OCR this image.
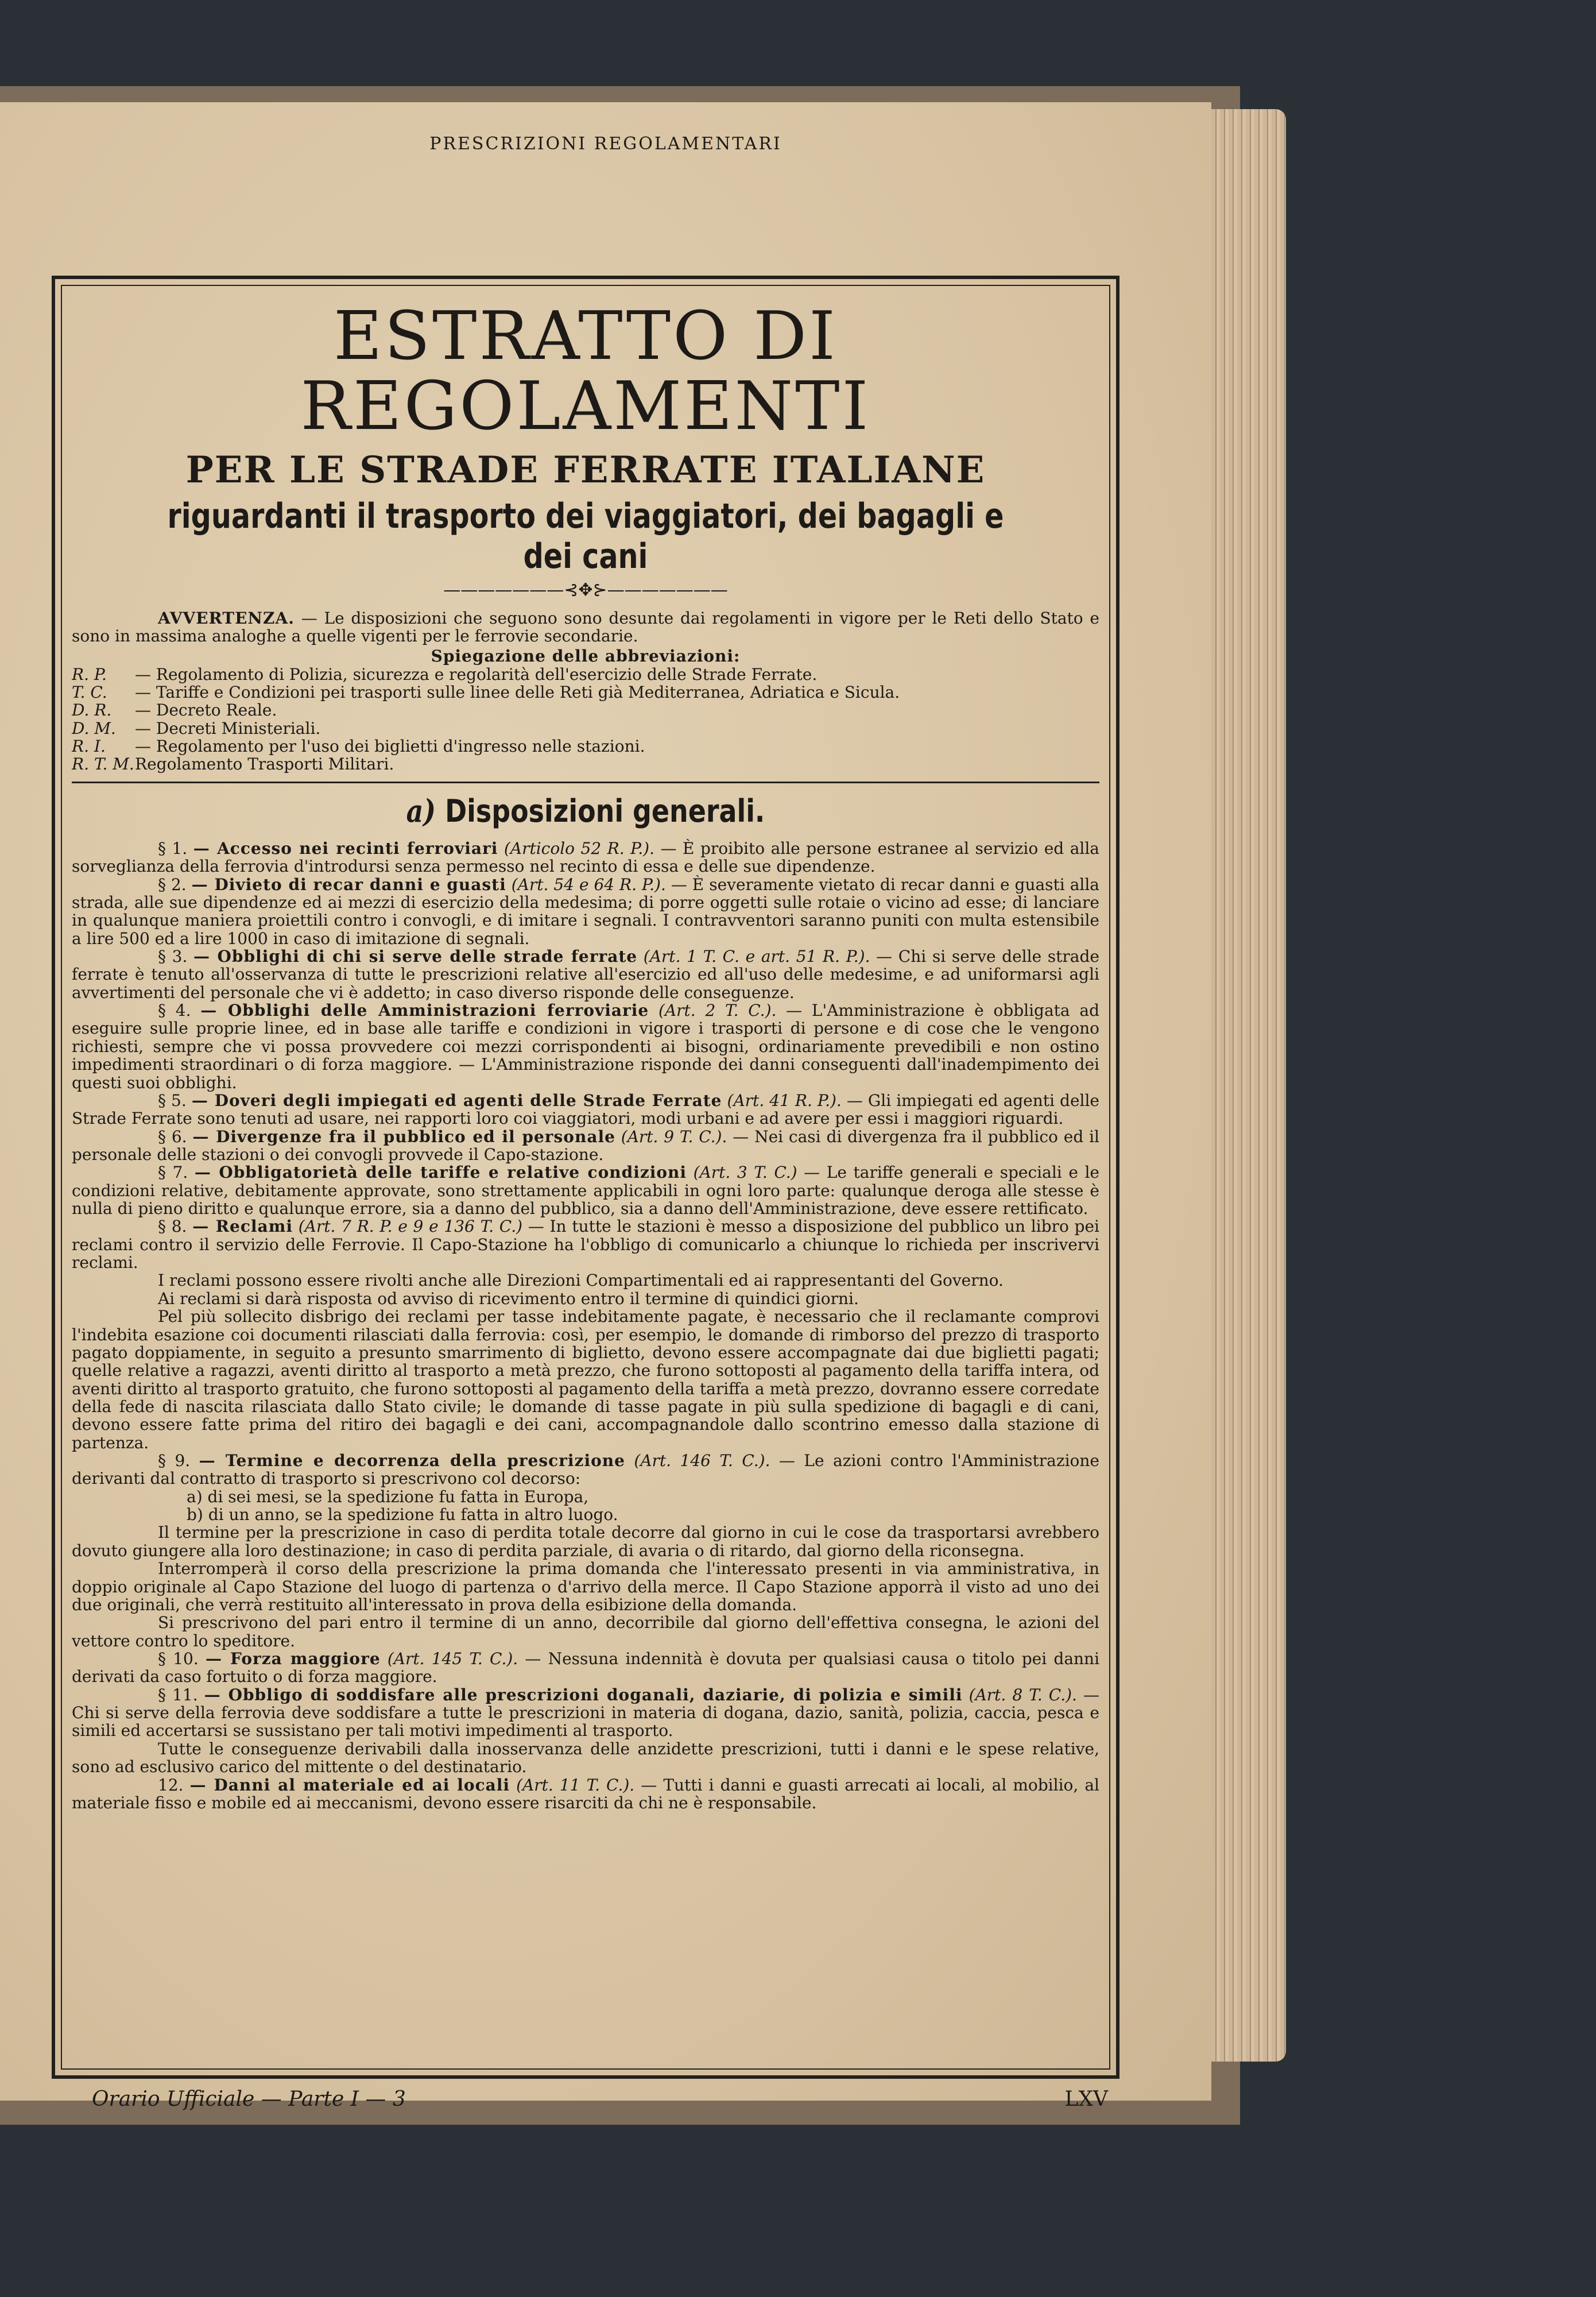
PRESCRIZIONI REGOLAMENTARI
ESTRATTO DI REGOLAMENTI
PER LE STRADE FERRATE ITALIANE
riguardanti il trasporto dei viaggiatori, dei bagagli e dei cani
———————⊰✥⊱———————
AVVERTENZA. — Le disposizioni che seguono sono desunte dai regolamenti in vigore per le Reti dello Stato e sono in massima analoghe a quelle vigenti per le ferrovie secondarie.
Spiegazione delle abbreviazioni:
R. P.	— Regolamento di Polizia, sicurezza e regolarità dell'esercizio delle Strade Ferrate.
T. C.	— Tariffe e Condizioni pei trasporti sulle linee delle Reti già Mediterranea, Adriatica e Sicula.
D. R.	— Decreto Reale.
D. M.	— Decreti Ministeriali.
R. I.	— Regolamento per l'uso dei biglietti d'ingresso nelle stazioni.
R. T. M. Regolamento Trasporti Militari.
a) Disposizioni generali.
§ 1. — Accesso nei recinti ferroviari (Articolo 52 R. P.). — È proibito alle persone estranee al servizio ed alla sorveglianza della ferrovia d'introdursi senza permesso nel recinto di essa e delle sue dipendenze.
§ 2. — Divieto di recar danni e guasti (Art. 54 e 64 R. P.). — È severamente vietato di recar danni e guasti alla strada, alle sue dipendenze ed ai mezzi di esercizio della medesima; di porre oggetti sulle rotaie o vicino ad esse; di lanciare in qualunque maniera proiettili contro i convogli, e di imitare i segnali. I contravventori saranno puniti con multa estensibile a lire 500 ed a lire 1000 in caso di imitazione di segnali.
§ 3. — Obblighi di chi si serve delle strade ferrate (Art. 1 T. C. e art. 51 R. P.). — Chi si serve delle strade ferrate è tenuto all'osservanza di tutte le prescrizioni relative all'esercizio ed all'uso delle medesime, e ad uniformarsi agli avvertimenti del personale che vi è addetto; in caso diverso risponde delle conseguenze.
§ 4. — Obblighi delle Amministrazioni ferroviarie (Art. 2 T. C.). — L'Amministrazione è obbligata ad eseguire sulle proprie linee, ed in base alle tariffe e condizioni in vigore i trasporti di persone e di cose che le vengono richiesti, sempre che vi possa provvedere coi mezzi corrispondenti ai bisogni, ordinariamente prevedibili e non ostino impedimenti straordinari o di forza maggiore. — L'Amministrazione risponde dei danni conseguenti dall'inadempimento dei questi suoi obblighi.
§ 5. — Doveri degli impiegati ed agenti delle Strade Ferrate (Art. 41 R. P.). — Gli impiegati ed agenti delle Strade Ferrate sono tenuti ad usare, nei rapporti loro coi viaggiatori, modi urbani e ad avere per essi i maggiori riguardi.
§ 6. — Divergenze fra il pubblico ed il personale (Art. 9 T. C.). — Nei casi di divergenza fra il pubblico ed il personale delle stazioni o dei convogli provvede il Capo-stazione.
§ 7. — Obbligatorietà delle tariffe e relative condizioni (Art. 3 T. C.) — Le tariffe generali e speciali e le condizioni relative, debitamente approvate, sono strettamente applicabili in ogni loro parte: qualunque deroga alle stesse è nulla di pieno diritto e qualunque errore, sia a danno del pubblico, sia a danno dell'Amministrazione, deve essere rettificato.
§ 8. — Reclami (Art. 7 R. P. e 9 e 136 T. C.) — In tutte le stazioni è messo a disposizione del pubblico un libro pei reclami contro il servizio delle Ferrovie. Il Capo-Stazione ha l'obbligo di comunicarlo a chiunque lo richieda per inscrivervi reclami.
I reclami possono essere rivolti anche alle Direzioni Compartimentali ed ai rappresentanti del Governo.
Ai reclami si darà risposta od avviso di ricevimento entro il termine di quindici giorni.
Pel più sollecito disbrigo dei reclami per tasse indebitamente pagate, è necessario che il reclamante comprovi l'indebita esazione coi documenti rilasciati dalla ferrovia: così, per esempio, le domande di rimborso del prezzo di trasporto pagato doppiamente, in seguito a presunto smarrimento di biglietto, devono essere accompagnate dai due biglietti pagati; quelle relative a ragazzi, aventi diritto al trasporto a metà prezzo, che furono sottoposti al pagamento della tariffa intera, od aventi diritto al trasporto gratuito, che furono sottoposti al pagamento della tariffa a metà prezzo, dovranno essere corredate della fede di nascita rilasciata dallo Stato civile; le domande di tasse pagate in più sulla spedizione di bagagli e di cani, devono essere fatte prima del ritiro dei bagagli e dei cani, accompagnandole dallo scontrino emesso dalla stazione di partenza.
§ 9. — Termine e decorrenza della prescrizione (Art. 146 T. C.). — Le azioni contro l'Amministrazione derivanti dal contratto di trasporto si prescrivono col decorso:
a) di sei mesi, se la spedizione fu fatta in Europa,
b) di un anno, se la spedizione fu fatta in altro luogo.
Il termine per la prescrizione in caso di perdita totale decorre dal giorno in cui le cose da trasportarsi avrebbero dovuto giungere alla loro destinazione; in caso di perdita parziale, di avaria o di ritardo, dal giorno della riconsegna.
Interromperà il corso della prescrizione la prima domanda che l'interessato presenti in via amministrativa, in doppio originale al Capo Stazione del luogo di partenza o d'arrivo della merce. Il Capo Stazione apporrà il visto ad uno dei due originali, che verrà restituito all'interessato in prova della esibizione della domanda.
Si prescrivono del pari entro il termine di un anno, decorribile dal giorno dell'effettiva consegna, le azioni del vettore contro lo speditore.
§ 10. — Forza maggiore (Art. 145 T. C.). — Nessuna indennità è dovuta per qualsiasi causa o titolo pei danni derivati da caso fortuito o di forza maggiore.
§ 11. — Obbligo di soddisfare alle prescrizioni doganali, daziarie, di polizia e simili (Art. 8 T. C.). — Chi si serve della ferrovia deve soddisfare a tutte le prescrizioni in materia di dogana, dazio, sanità, polizia, caccia, pesca e simili ed accertarsi se sussistano per tali motivi impedimenti al trasporto.
Tutte le conseguenze derivabili dalla inosservanza delle anzidette prescrizioni, tutti i danni e le spese relative, sono ad esclusivo carico del mittente o del destinatario.
12. — Danni al materiale ed ai locali (Art. 11 T. C.). — Tutti i danni e guasti arrecati ai locali, al mobilio, al materiale fisso e mobile ed ai meccanismi, devono essere risarciti da chi ne è responsabile.
Orario Ufficiale — Parte I — 3	LXV
